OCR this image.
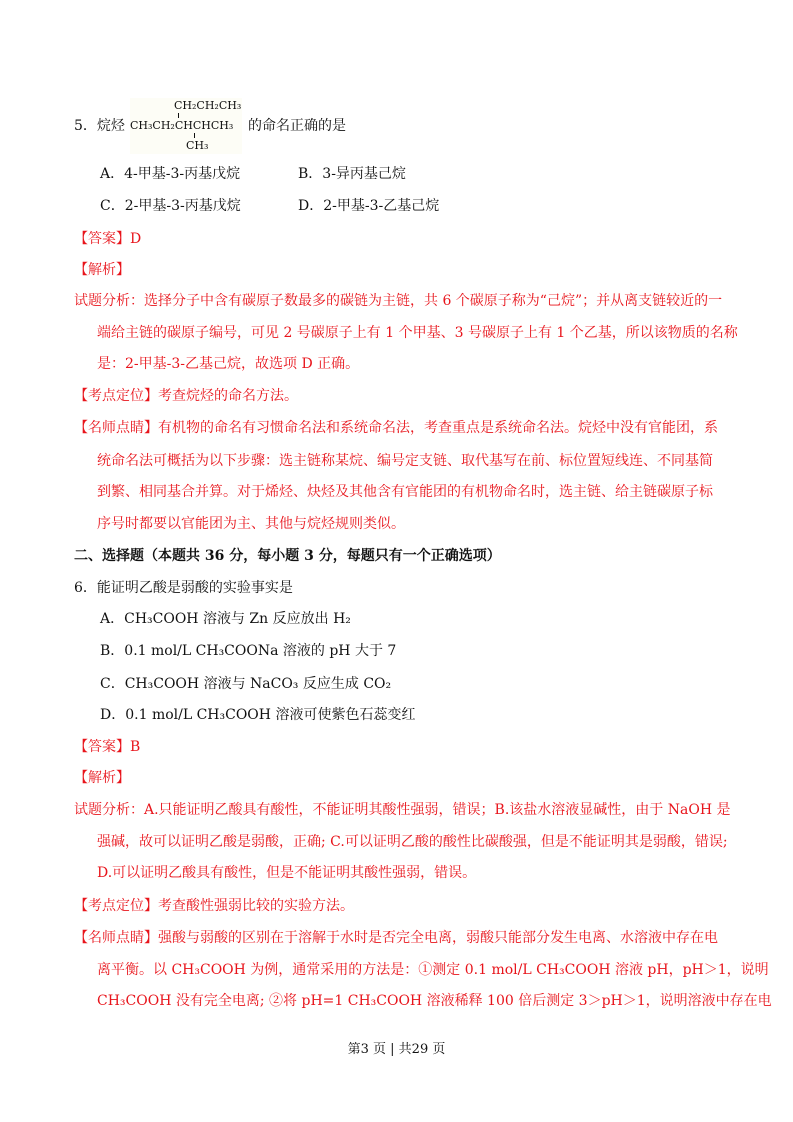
5．烷烃
CH₂CH₂CH₃
CH₃CH₂CHCHCH₃
CH₃
的命名正确的是
A．4-甲基-3-丙基戊烷	B．3-异丙基己烷
C．2-甲基-3-丙基戊烷	D．2-甲基-3-乙基己烷
【答案】D
【解析】
试题分析：选择分子中含有碳原子数最多的碳链为主链，共 6 个碳原子称为“己烷”；并从离支链较近的一
端给主链的碳原子编号，可见 2 号碳原子上有 1 个甲基、3 号碳原子上有 1 个乙基，所以该物质的名称
是：2-甲基-3-乙基己烷，故选项 D 正确。
【考点定位】考查烷烃的命名方法。
【名师点睛】有机物的命名有习惯命名法和系统命名法，考查重点是系统命名法。烷烃中没有官能团，系
统命名法可概括为以下步骤：选主链称某烷、编号定支链、取代基写在前、标位置短线连、不同基简
到繁、相同基合并算。对于烯烃、炔烃及其他含有官能团的有机物命名时，选主链、给主链碳原子标
序号时都要以官能团为主、其他与烷烃规则类似。
二、选择题（本题共 36 分，每小题 3 分，每题只有一个正确选项）
6．能证明乙酸是弱酸的实验事实是
A．CH₃COOH 溶液与 Zn 反应放出 H₂
B．0.1 mol/L CH₃COONa 溶液的 pH 大于 7
C．CH₃COOH 溶液与 NaCO₃ 反应生成 CO₂
D．0.1 mol/L CH₃COOH 溶液可使紫色石蕊变红
【答案】B
【解析】
试题分析：A.只能证明乙酸具有酸性，不能证明其酸性强弱，错误；B.该盐水溶液显碱性，由于 NaOH 是
强碱，故可以证明乙酸是弱酸，正确; C.可以证明乙酸的酸性比碳酸强，但是不能证明其是弱酸，错误;
D.可以证明乙酸具有酸性，但是不能证明其酸性强弱，错误。
【考点定位】考查酸性强弱比较的实验方法。
【名师点睛】强酸与弱酸的区别在于溶解于水时是否完全电离，弱酸只能部分发生电离、水溶液中存在电
离平衡。以 CH₃COOH 为例，通常采用的方法是：①测定 0.1 mol/L CH₃COOH 溶液 pH，pH＞1，说明
CH₃COOH 没有完全电离; ②将 pH=1 CH₃COOH 溶液稀释 100 倍后测定 3＞pH＞1，说明溶液中存在电
第3 页 | 共29 页
